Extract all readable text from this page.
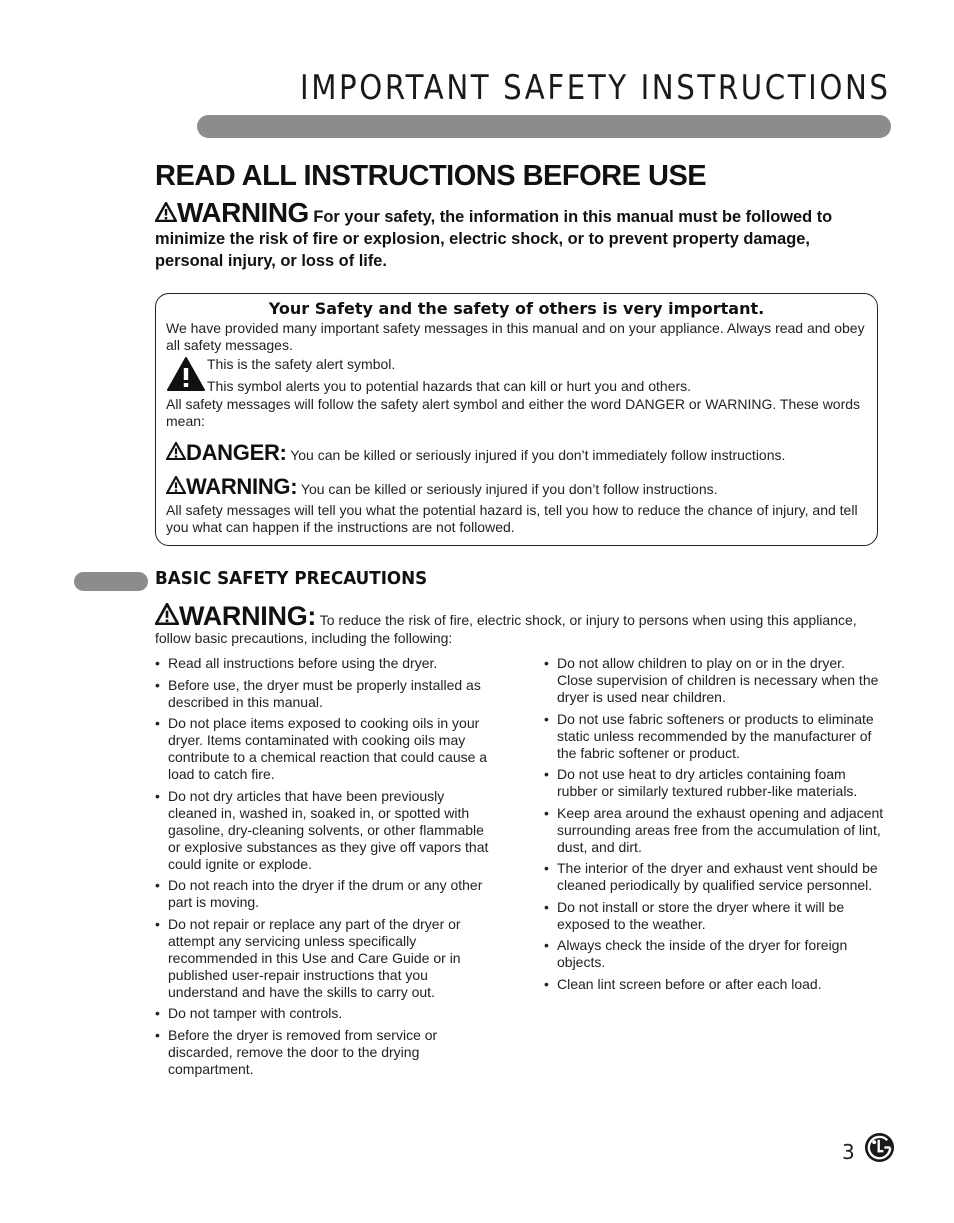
IMPORTANT SAFETY INSTRUCTIONS
READ ALL INSTRUCTIONS BEFORE USE
WARNING For your safety, the information in this manual must be followed to minimize the risk of fire or explosion, electric shock, or to prevent property damage, personal injury, or loss of life.
Your Safety and the safety of others is very important.
We have provided many important safety messages in this manual and on your appliance. Always read and obey all safety messages.
This is the safety alert symbol.
This symbol alerts you to potential hazards that can kill or hurt you and others.
All safety messages will follow the safety alert symbol and either the word DANGER or WARNING. These words mean:
DANGER: You can be killed or seriously injured if you don’t immediately follow instructions.
WARNING: You can be killed or seriously injured if you don’t follow instructions.
All safety messages will tell you what the potential hazard is, tell you how to reduce the chance of injury, and tell you what can happen if the instructions are not followed.
BASIC SAFETY PRECAUTIONS
WARNING: To reduce the risk of fire, electric shock, or injury to persons when using this appliance, follow basic precautions, including the following:
• Read all instructions before using the dryer.
• Before use, the dryer must be properly installed as described in this manual.
• Do not place items exposed to cooking oils in your dryer. Items contaminated with cooking oils may contribute to a chemical reaction that could cause a load to catch fire.
• Do not dry articles that have been previously cleaned in, washed in, soaked in, or spotted with gasoline, dry-cleaning solvents, or other flammable or explosive substances as they give off vapors that could ignite or explode.
• Do not reach into the dryer if the drum or any other part is moving.
• Do not repair or replace any part of the dryer or attempt any servicing unless specifically recommended in this Use and Care Guide or in published user-repair instructions that you understand and have the skills to carry out.
• Do not tamper with controls.
• Before the dryer is removed from service or discarded, remove the door to the drying compartment.
• Do not allow children to play on or in the dryer. Close supervision of children is necessary when the dryer is used near children.
• Do not use fabric softeners or products to eliminate static unless recommended by the manufacturer of the fabric softener or product.
• Do not use heat to dry articles containing foam rubber or similarly textured rubber-like materials.
• Keep area around the exhaust opening and adjacent surrounding areas free from the accumulation of lint, dust, and dirt.
• The interior of the dryer and exhaust vent should be cleaned periodically by qualified service personnel.
• Do not install or store the dryer where it will be exposed to the weather.
• Always check the inside of the dryer for foreign objects.
• Clean lint screen before or after each load.
3
